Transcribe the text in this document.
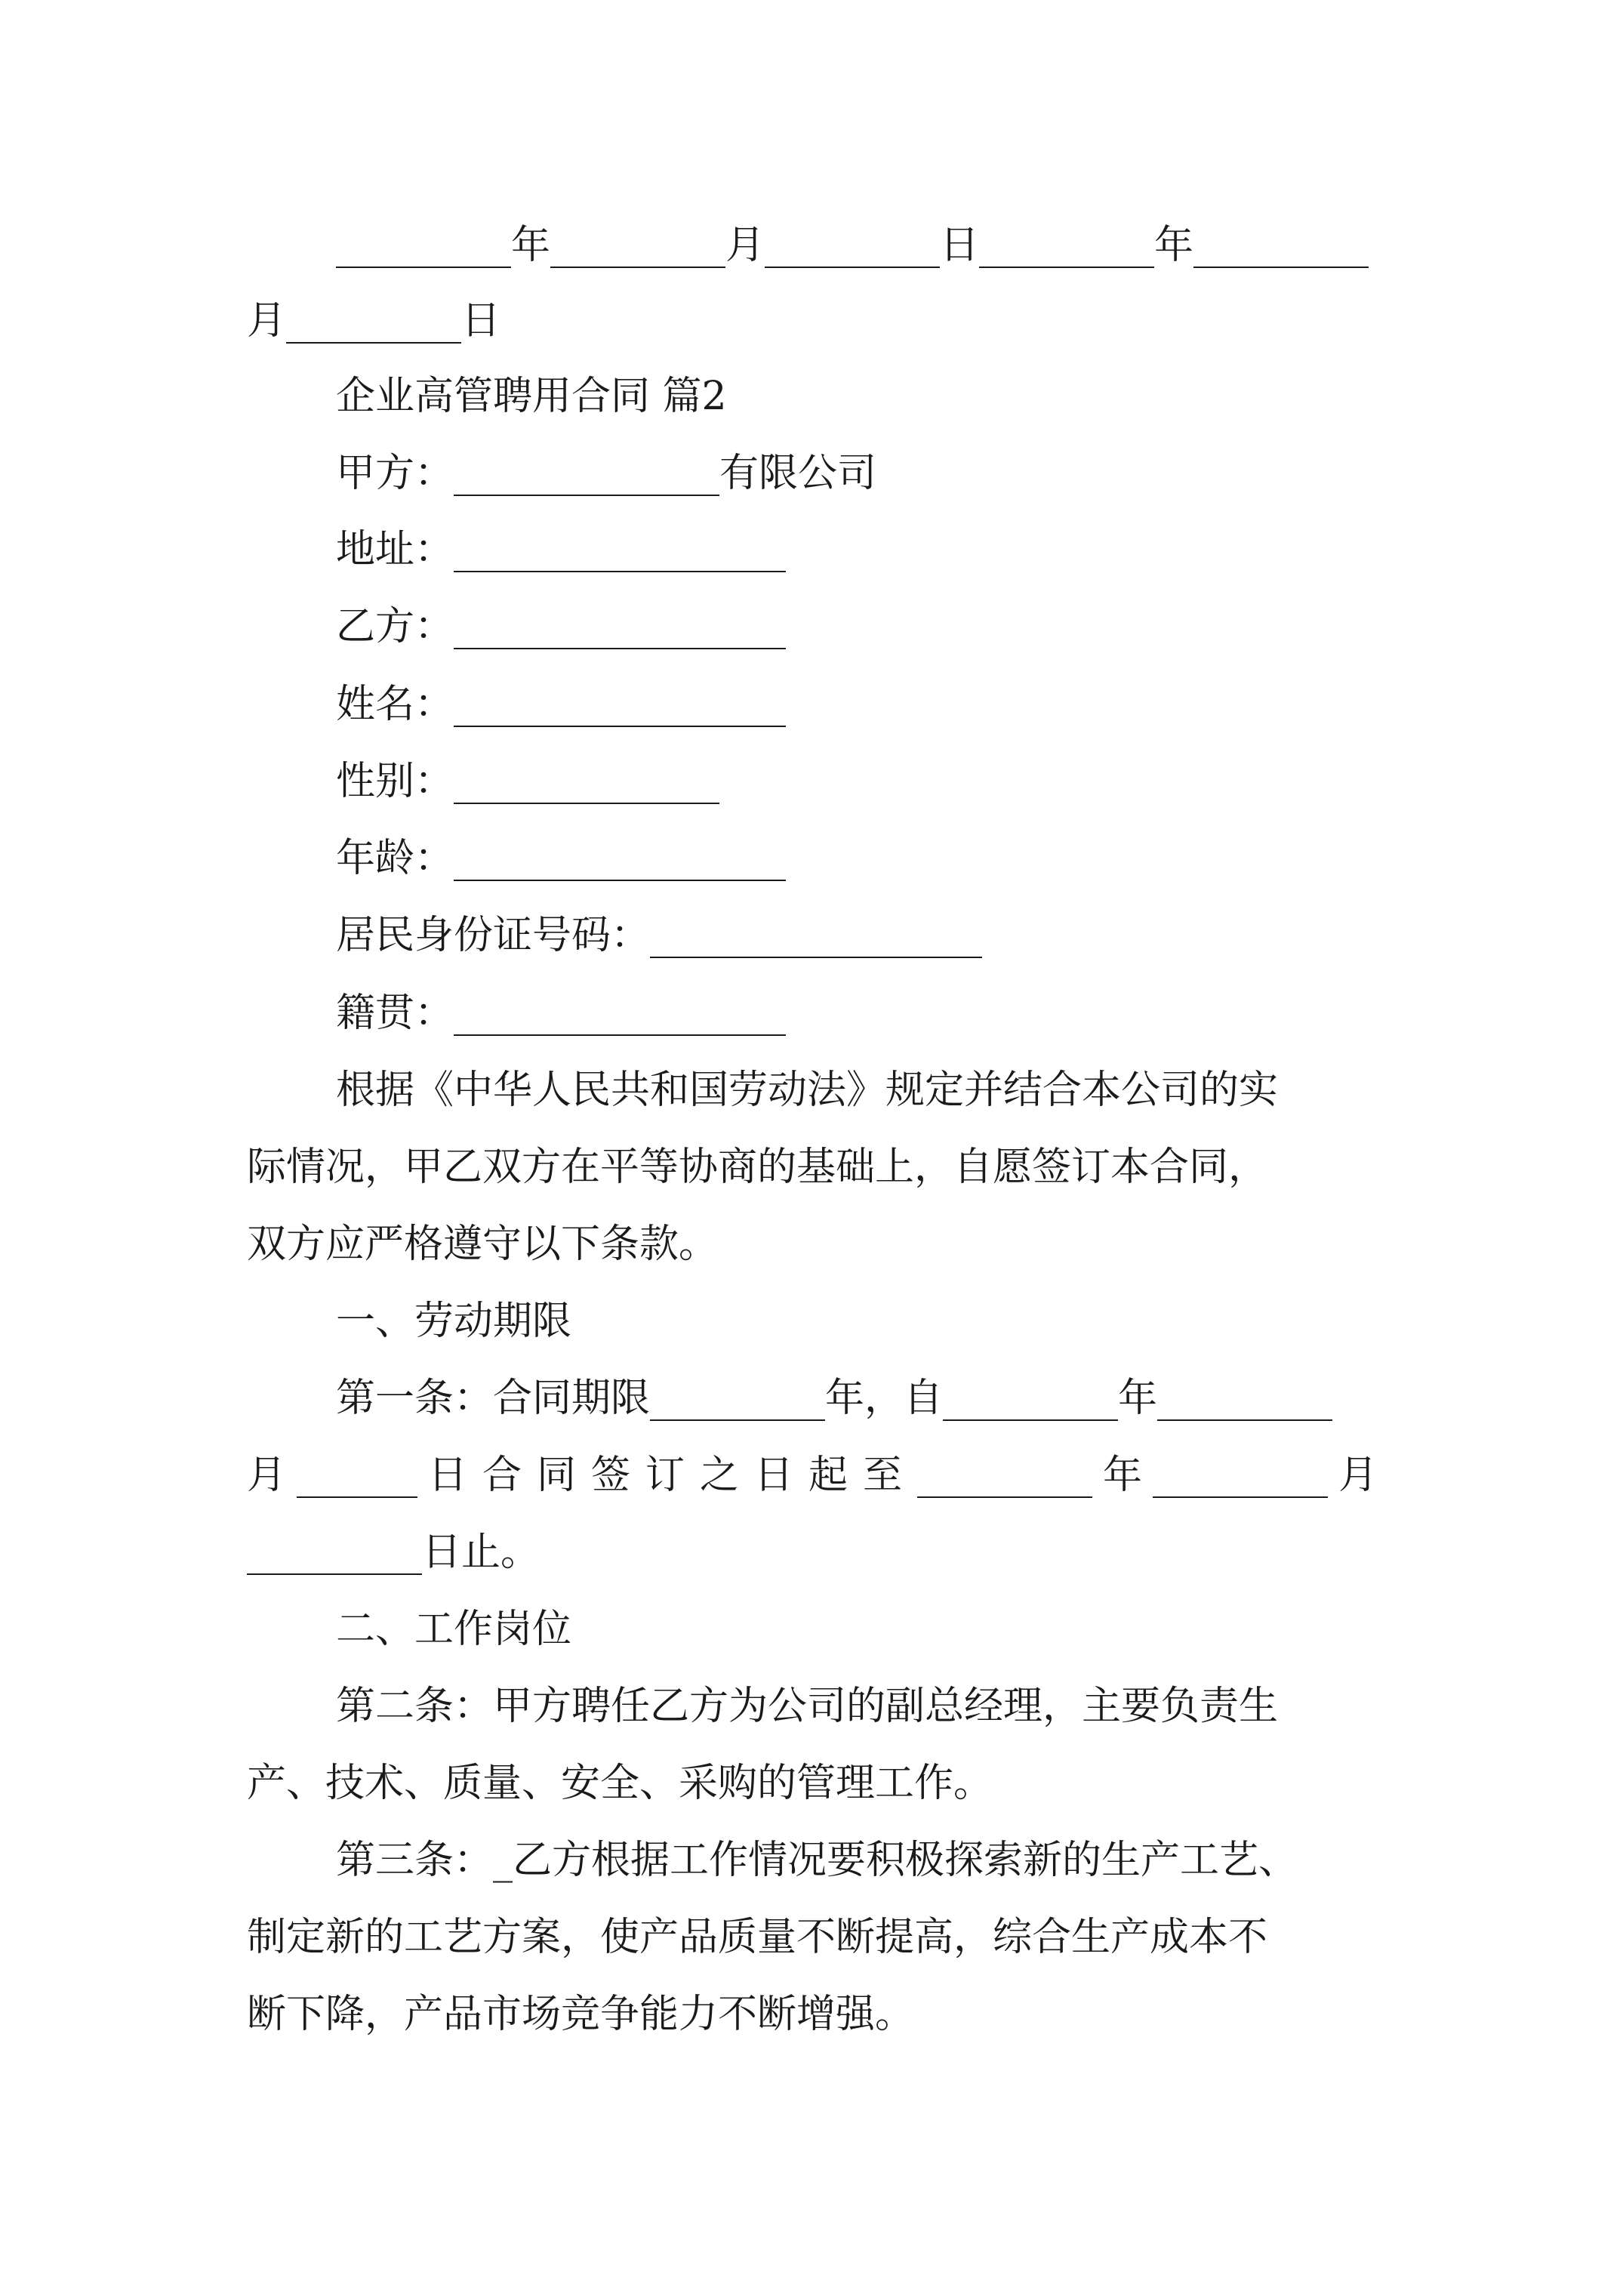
年	月	日	年
月	日
企业高管聘用合同 篇2
甲方：	有限公司
地址：
乙方：
姓名：
性别：
年龄：
居民身份证号码：
籍贯：
根据《中华人民共和国劳动法》规定并结合本公司的实
际情况，甲乙双方在平等协商的基础上，自愿签订本合同，
双方应严格遵守以下条款。
一、劳动期限
第一条：合同期限	年，自	年
月	日合同签订之日起至	年	月
日止。
二、工作岗位
第二条：甲方聘任乙方为公司的副总经理，主要负责生
产、技术、质量、安全、采购的管理工作。
第三条：_乙方根据工作情况要积极探索新的生产工艺、
制定新的工艺方案，使产品质量不断提高，综合生产成本不
断下降，产品市场竞争能力不断增强。
